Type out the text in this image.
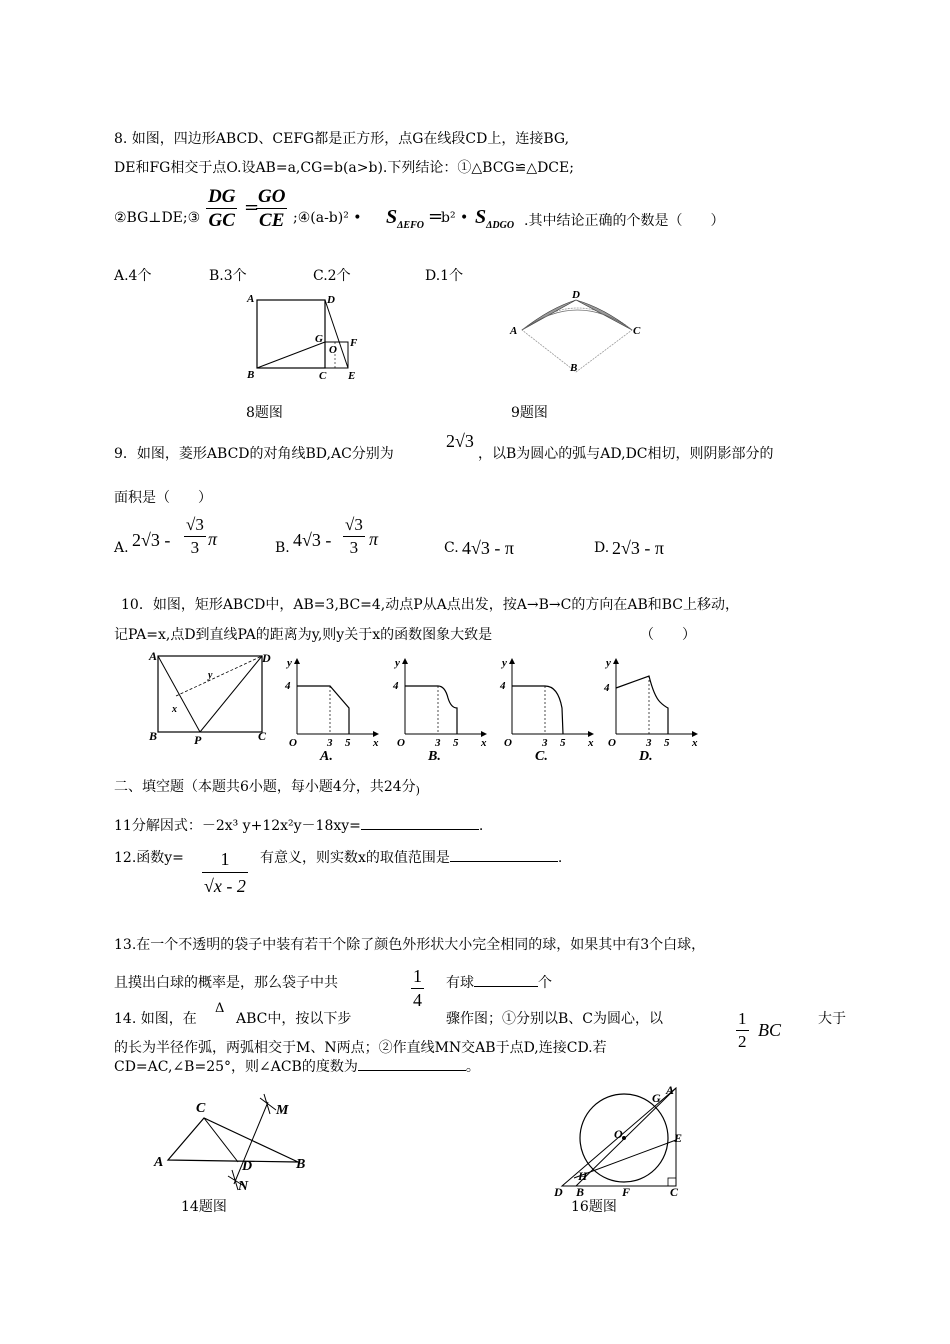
8. 如图，四边形ABCD、CEFG都是正方形，点G在线段CD上，连接BG,
DE和FG相交于点O.设AB=a,CG=b(a>b).下列结论：①△BCG≌△DCE;
②BG⊥DE;③ $\frac{DG}{GC}$ =
$\frac{GO}{CE}$ ;④(a-b)² • $S_{\Delta EFO}$ =
b² • $S_{\Delta DGO}$ .其中结论正确的个数是（　　）
A.4个	B.3个	C.2个	D.1个
A	D
B	C E
F
G
O
8题图
A
D
C
B
9题图
9．如图，菱形ABCD的对角线BD,AC分别为
2√3
，以B为圆心的弧与AD,DC相切，则阴影部分的
面积是（　　）
A. $2√3 - \frac{√3}{3}$ π	B. $4√3 - \frac{√3}{3}$ π	C. 4√3 - π	D. 2√3 - π
10．如图，矩形ABCD中，AB=3,BC=4,动点P从A点出发，按A→B→C的方向在AB和BC上移动，
记PA=x,点D到直线PA的距离为y,则y关于x的函数图象大致是	（　　）
A	D
B	C
P
x
y
y
4
O	3 5 x
A.
y
4
O	3 5 x
B.
y
4
O	3 5 x
C.
y
4
O	3 5 x
D.
二、填空题（本题共6小题，每小题4分，共24分$_)$
11分解因式：－2x³ y+12x²y－18xy=	.
12.函数$y= \frac{1}{√x - 2}$ 有意义，则实数x的取值范围是	.
13.在一个不透明的袋子中装有若干个除了颜色外形状大小完全相同的球，如果其中有3个白球，
且摸出白球的概率是，那么袋子中共	$\frac{1}{4}$ 有球	个
14. 如图，在
Δ
ABC中，按以下步	骤作图；①分别以B、C为圆心，以	$\frac{1}{2}$ BC
大于
的长为半径作弧，两弧相交于M、N两点；②作直线MN交AB于点D,连接CD.若
CD=AC,∠B=25°，则∠ACB的度数为	。
A
C
B
D
M
N
14题图
A
G
O	E
H
D B	F	C
16题图
